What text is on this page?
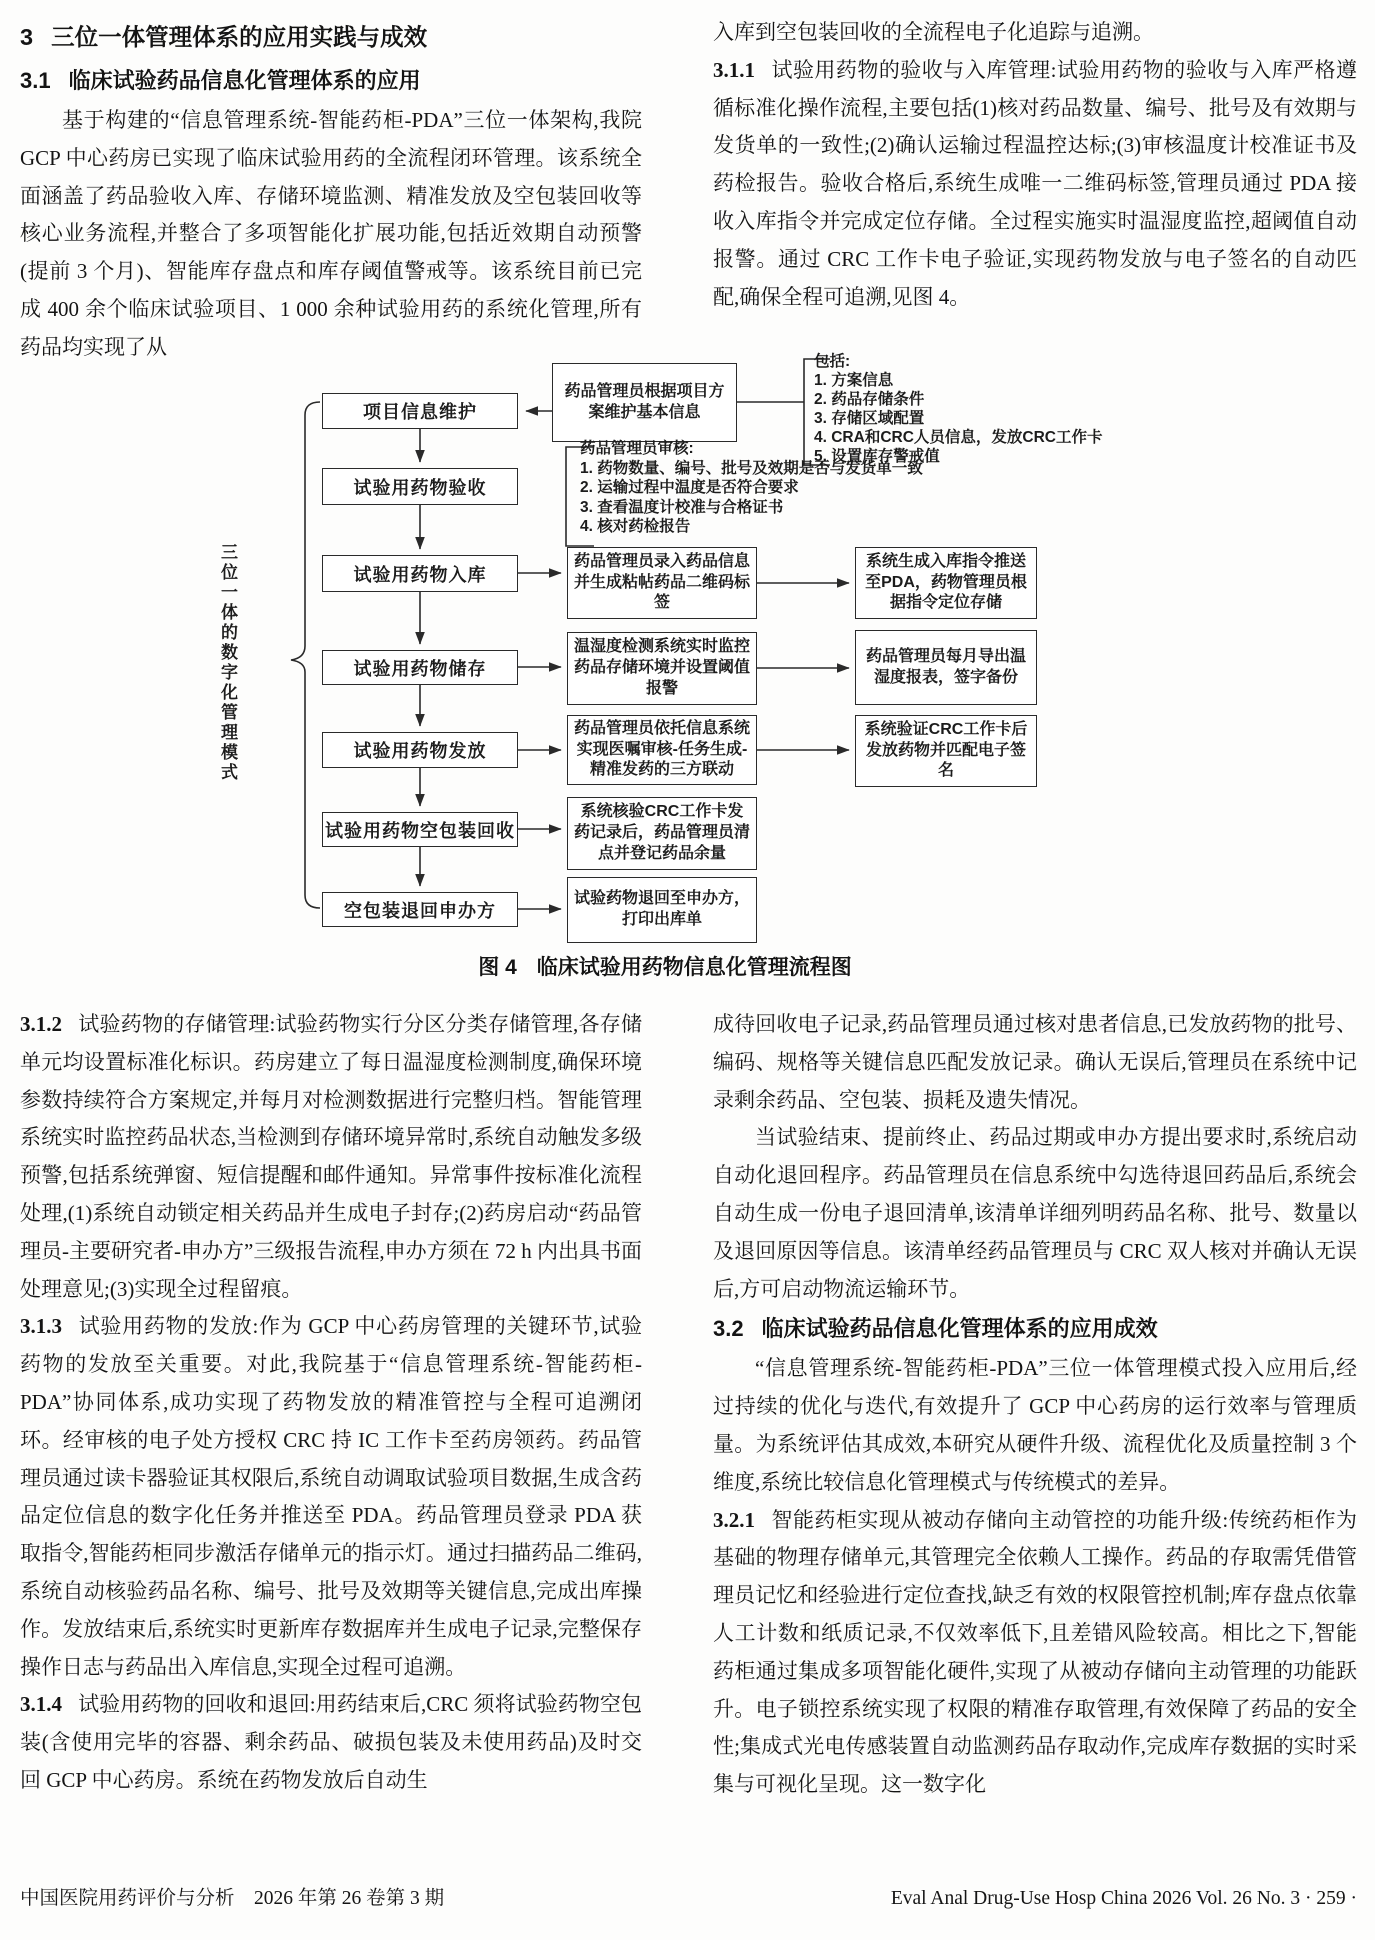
3 三位一体管理体系的应用实践与成效

3.1 临床试验药品信息化管理体系的应用

基于构建的“信息管理系统-智能药柜-PDA”三位一体架构,我院 GCP 中心药房已实现了临床试验用药的全流程闭环管理。该系统全面涵盖了药品验收入库、存储环境监测、精准发放及空包装回收等核心业务流程,并整合了多项智能化扩展功能,包括近效期自动预警(提前 3 个月)、智能库存盘点和库存阈值警戒等。该系统目前已完成 400 余个临床试验项目、1 000 余种试验用药的系统化管理,所有药品均实现了从

入库到空包装回收的全流程电子化追踪与追溯。

3.1.1 试验用药物的验收与入库管理:试验用药物的验收与入库严格遵循标准化操作流程,主要包括(1)核对药品数量、编号、批号及有效期与发货单的一致性;(2)确认运输过程温控达标;(3)审核温度计校准证书及药检报告。验收合格后,系统生成唯一二维码标签,管理员通过 PDA 接收入库指令并完成定位存储。全过程实施实时温湿度监控,超阈值自动报警。通过 CRC 工作卡电子验证,实现药物发放与电子签名的自动匹配,确保全程可追溯,见图 4。

三位一体的数字化管理模式
项目信息维护
试验用药物验收
试验用药物入库
试验用药物储存
试验用药物发放
试验用药物空包装回收
空包装退回申办方
药品管理员根据项目方案维护基本信息
包括:
1. 方案信息
2. 药品存储条件
3. 存储区域配置
4. CRA和CRC人员信息，发放CRC工作卡
5. 设置库存警戒值
药品管理员审核:
1. 药物数量、编号、批号及效期是否与发货单一致
2. 运输过程中温度是否符合要求
3. 查看温度计校准与合格证书
4. 核对药检报告
药品管理员录入药品信息并生成粘帖药品二维码标签
温湿度检测系统实时监控药品存储环境并设置阈值报警
药品管理员依托信息系统实现医嘱审核-任务生成-精准发药的三方联动
系统核验CRC工作卡发药记录后，药品管理员清点并登记药品余量
试验药物退回至申办方，打印出库单
系统生成入库指令推送至PDA，药物管理员根据指令定位存储
药品管理员每月导出温湿度报表，签字备份
系统验证CRC工作卡后发放药物并匹配电子签名
图 4 临床试验用药物信息化管理流程图

3.1.2 试验药物的存储管理:试验药物实行分区分类存储管理,各存储单元均设置标准化标识。药房建立了每日温湿度检测制度,确保环境参数持续符合方案规定,并每月对检测数据进行完整归档。智能管理系统实时监控药品状态,当检测到存储环境异常时,系统自动触发多级预警,包括系统弹窗、短信提醒和邮件通知。异常事件按标准化流程处理,(1)系统自动锁定相关药品并生成电子封存;(2)药房启动“药品管理员-主要研究者-申办方”三级报告流程,申办方须在 72 h 内出具书面处理意见;(3)实现全过程留痕。

3.1.3 试验用药物的发放:作为 GCP 中心药房管理的关键环节,试验药物的发放至关重要。对此,我院基于“信息管理系统-智能药柜-PDA”协同体系,成功实现了药物发放的精准管控与全程可追溯闭环。经审核的电子处方授权 CRC 持 IC 工作卡至药房领药。药品管理员通过读卡器验证其权限后,系统自动调取试验项目数据,生成含药品定位信息的数字化任务并推送至 PDA。药品管理员登录 PDA 获取指令,智能药柜同步激活存储单元的指示灯。通过扫描药品二维码,系统自动核验药品名称、编号、批号及效期等关键信息,完成出库操作。发放结束后,系统实时更新库存数据库并生成电子记录,完整保存操作日志与药品出入库信息,实现全过程可追溯。

3.1.4 试验用药物的回收和退回:用药结束后,CRC 须将试验药物空包装(含使用完毕的容器、剩余药品、破损包装及未使用药品)及时交回 GCP 中心药房。系统在药物发放后自动生

成待回收电子记录,药品管理员通过核对患者信息,已发放药物的批号、编码、规格等关键信息匹配发放记录。确认无误后,管理员在系统中记录剩余药品、空包装、损耗及遗失情况。

当试验结束、提前终止、药品过期或申办方提出要求时,系统启动自动化退回程序。药品管理员在信息系统中勾选待退回药品后,系统会自动生成一份电子退回清单,该清单详细列明药品名称、批号、数量以及退回原因等信息。该清单经药品管理员与 CRC 双人核对并确认无误后,方可启动物流运输环节。

3.2 临床试验药品信息化管理体系的应用成效

“信息管理系统-智能药柜-PDA”三位一体管理模式投入应用后,经过持续的优化与迭代,有效提升了 GCP 中心药房的运行效率与管理质量。为系统评估其成效,本研究从硬件升级、流程优化及质量控制 3 个维度,系统比较信息化管理模式与传统模式的差异。

3.2.1 智能药柜实现从被动存储向主动管控的功能升级:传统药柜作为基础的物理存储单元,其管理完全依赖人工操作。药品的存取需凭借管理员记忆和经验进行定位查找,缺乏有效的权限管控机制;库存盘点依靠人工计数和纸质记录,不仅效率低下,且差错风险较高。相比之下,智能药柜通过集成多项智能化硬件,实现了从被动存储向主动管理的功能跃升。电子锁控系统实现了权限的精准存取管理,有效保障了药品的安全性;集成式光电传感装置自动监测药品存取动作,完成库存数据的实时采集与可视化呈现。这一数字化

中国医院用药评价与分析　2026 年第 26 卷第 3 期	Eval Anal Drug-Use Hosp China 2026 Vol. 26 No. 3 · 259 ·
